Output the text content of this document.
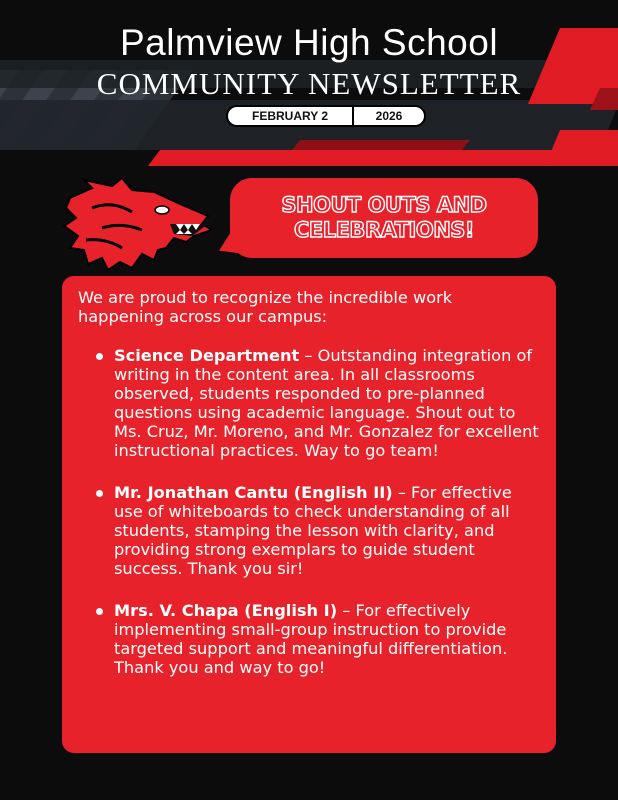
Palmview High School
COMMUNITY NEWSLETTER
FEBRUARY 2	2026
SHOUT OUTS AND
CELEBRATIONS!

We are proud to recognize the incredible work happening across our campus:

Science Department – Outstanding integration of writing in the content area. In all classrooms observed, students responded to pre-planned questions using academic language. Shout out to Ms. Cruz, Mr. Moreno, and Mr. Gonzalez for excellent instructional practices. Way to go team!
Mr. Jonathan Cantu (English II) – For effective use of whiteboards to check understanding of all students, stamping the lesson with clarity, and providing strong exemplars to guide student success. Thank you sir!
Mrs. V. Chapa (English I) – For effectively implementing small-group instruction to provide targeted support and meaningful differentiation. Thank you and way to go!
